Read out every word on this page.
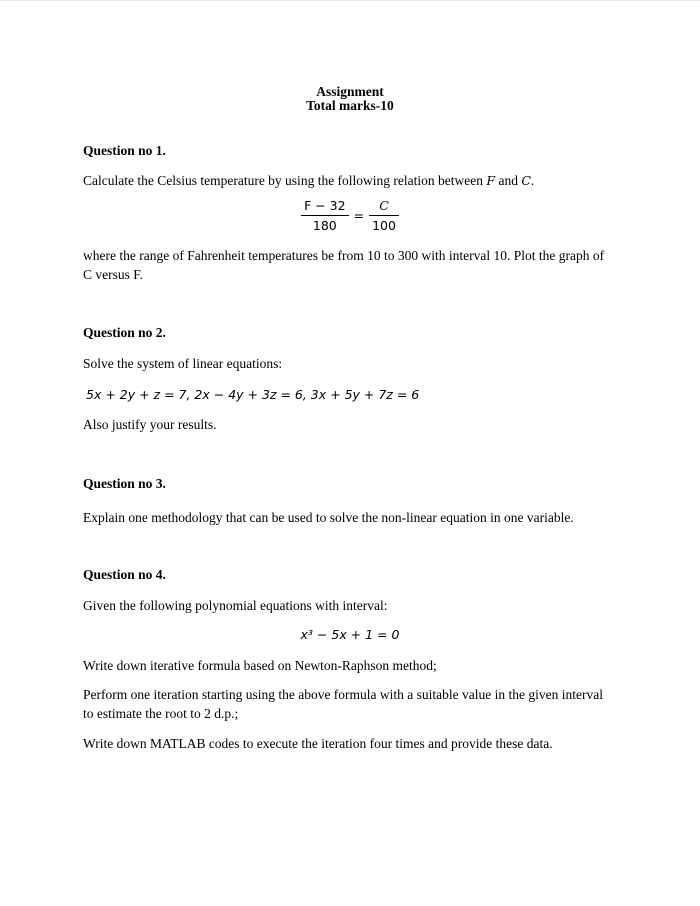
Assignment
Total marks-10
Question no 1.
Calculate the Celsius temperature by using the following relation between F and C.
$\frac{F - 32}{180} = \frac{C}{100}$
where the range of Fahrenheit temperatures be from 10 to 300 with interval 10. Plot the graph of
C versus F.
Question no 2.
Solve the system of linear equations:
5x + 2y + z = 7, 2x − 4y + 3z = 6, 3x + 5y + 7z = 6
Also justify your results.
Question no 3.
Explain one methodology that can be used to solve the non-linear equation in one variable.
Question no 4.
Given the following polynomial equations with interval:
x³ − 5x + 1 = 0
Write down iterative formula based on Newton-Raphson method;
Perform one iteration starting using the above formula with a suitable value in the given interval
to estimate the root to 2 d.p.;
Write down MATLAB codes to execute the iteration four times and provide these data.
